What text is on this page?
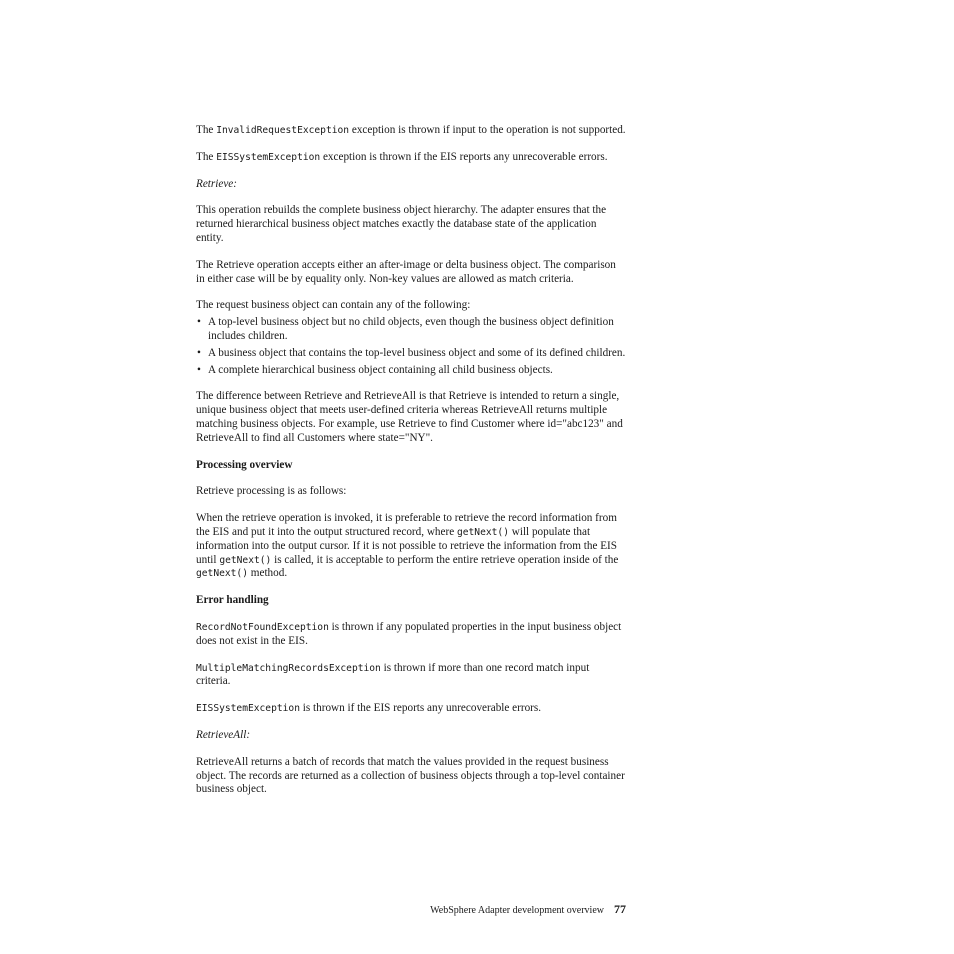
The InvalidRequestException exception is thrown if input to the operation is not supported.

The EISSystemException exception is thrown if the EIS reports any unrecoverable errors.

Retrieve:

This operation rebuilds the complete business object hierarchy. The adapter ensures that the returned hierarchical business object matches exactly the database state of the application entity.

The Retrieve operation accepts either an after-image or delta business object. The comparison in either case will be by equality only. Non-key values are allowed as match criteria.

The request business object can contain any of the following:

• A top-level business object but no child objects, even though the business object definition includes children.
• A business object that contains the top-level business object and some of its defined children.
• A complete hierarchical business object containing all child business objects.

The difference between Retrieve and RetrieveAll is that Retrieve is intended to return a single, unique business object that meets user-defined criteria whereas RetrieveAll returns multiple matching business objects. For example, use Retrieve to find Customer where id="abc123" and RetrieveAll to find all Customers where state="NY".

Processing overview

Retrieve processing is as follows:

When the retrieve operation is invoked, it is preferable to retrieve the record information from the EIS and put it into the output structured record, where getNext() will populate that information into the output cursor. If it is not possible to retrieve the information from the EIS until getNext() is called, it is acceptable to perform the entire retrieve operation inside of the getNext() method.

Error handling

RecordNotFoundException is thrown if any populated properties in the input business object does not exist in the EIS.

MultipleMatchingRecordsException is thrown if more than one record match input criteria.

EISSystemException is thrown if the EIS reports any unrecoverable errors.

RetrieveAll:

RetrieveAll returns a batch of records that match the values provided in the request business object. The records are returned as a collection of business objects through a top-level container business object.

WebSphere Adapter development overview 77
